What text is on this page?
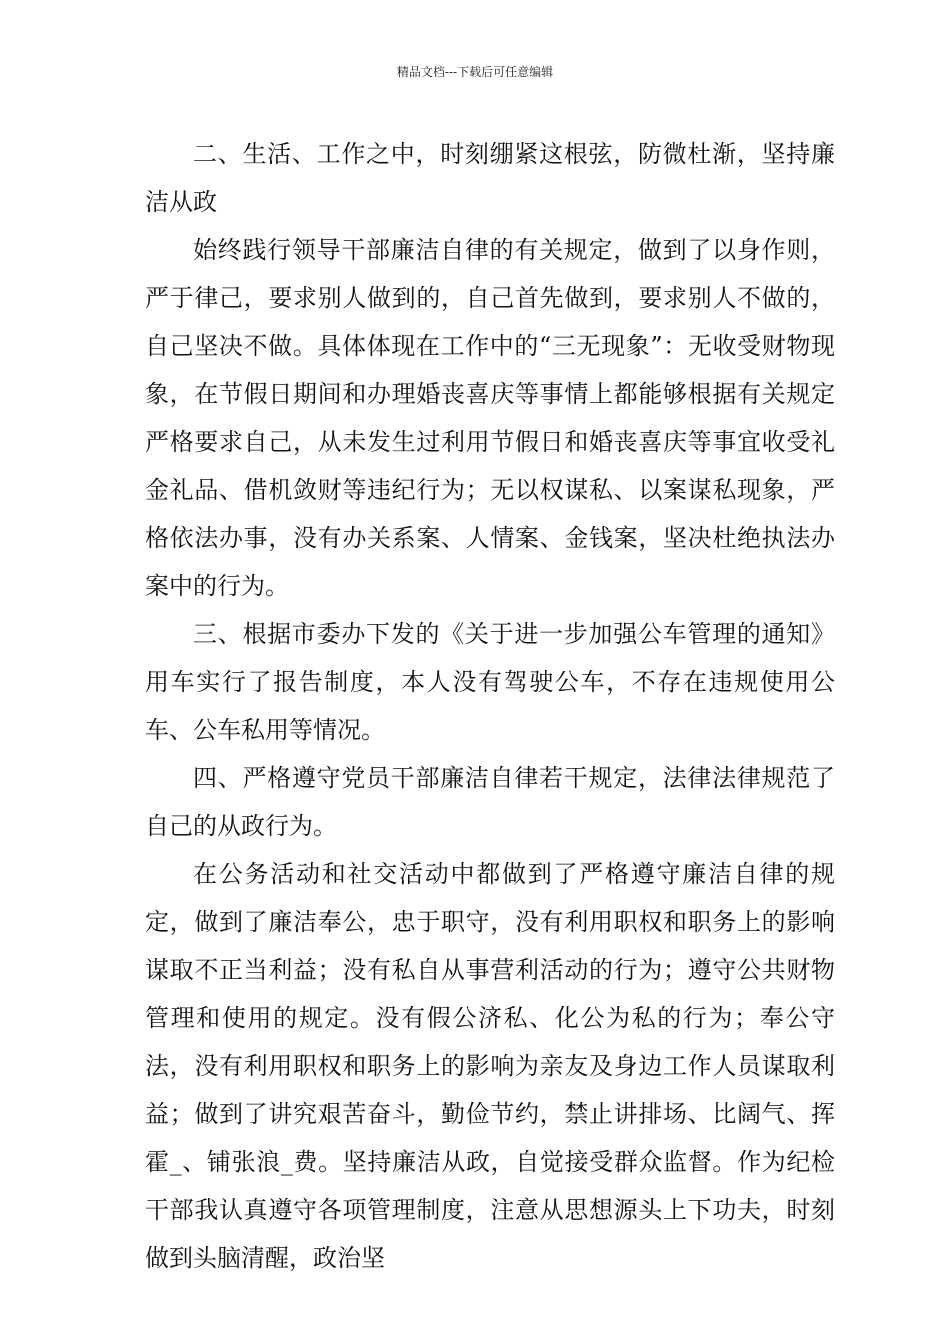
精品文档---下载后可任意编辑

二、生活、工作之中，时刻绷紧这根弦，防微杜渐，坚持廉洁从政

始终践行领导干部廉洁自律的有关规定，做到了以身作则，严于律己，要求别人做到的，自己首先做到，要求别人不做的，自己坚决不做。具体体现在工作中的“三无现象”：无收受财物现象，在节假日期间和办理婚丧喜庆等事情上都能够根据有关规定严格要求自己，从未发生过利用节假日和婚丧喜庆等事宜收受礼金礼品、借机敛财等违纪行为；无以权谋私、以案谋私现象，严格依法办事，没有办关系案、人情案、金钱案，坚决杜绝执法办案中的行为。

三、根据市委办下发的《关于进一步加强公车管理的通知》用车实行了报告制度，本人没有驾驶公车，不存在违规使用公车、公车私用等情况。

四、严格遵守党员干部廉洁自律若干规定，法律法律规范了自己的从政行为。

在公务活动和社交活动中都做到了严格遵守廉洁自律的规定，做到了廉洁奉公，忠于职守，没有利用职权和职务上的影响谋取不正当利益；没有私自从事营利活动的行为；遵守公共财物管理和使用的规定。没有假公济私、化公为私的行为；奉公守法，没有利用职权和职务上的影响为亲友及身边工作人员谋取利益；做到了讲究艰苦奋斗，勤俭节约，禁止讲排场、比阔气、挥霍_、铺张浪_费。坚持廉洁从政，自觉接受群众监督。作为纪检干部我认真遵守各项管理制度，注意从思想源头上下功夫，时刻做到头脑清醒，政治坚
